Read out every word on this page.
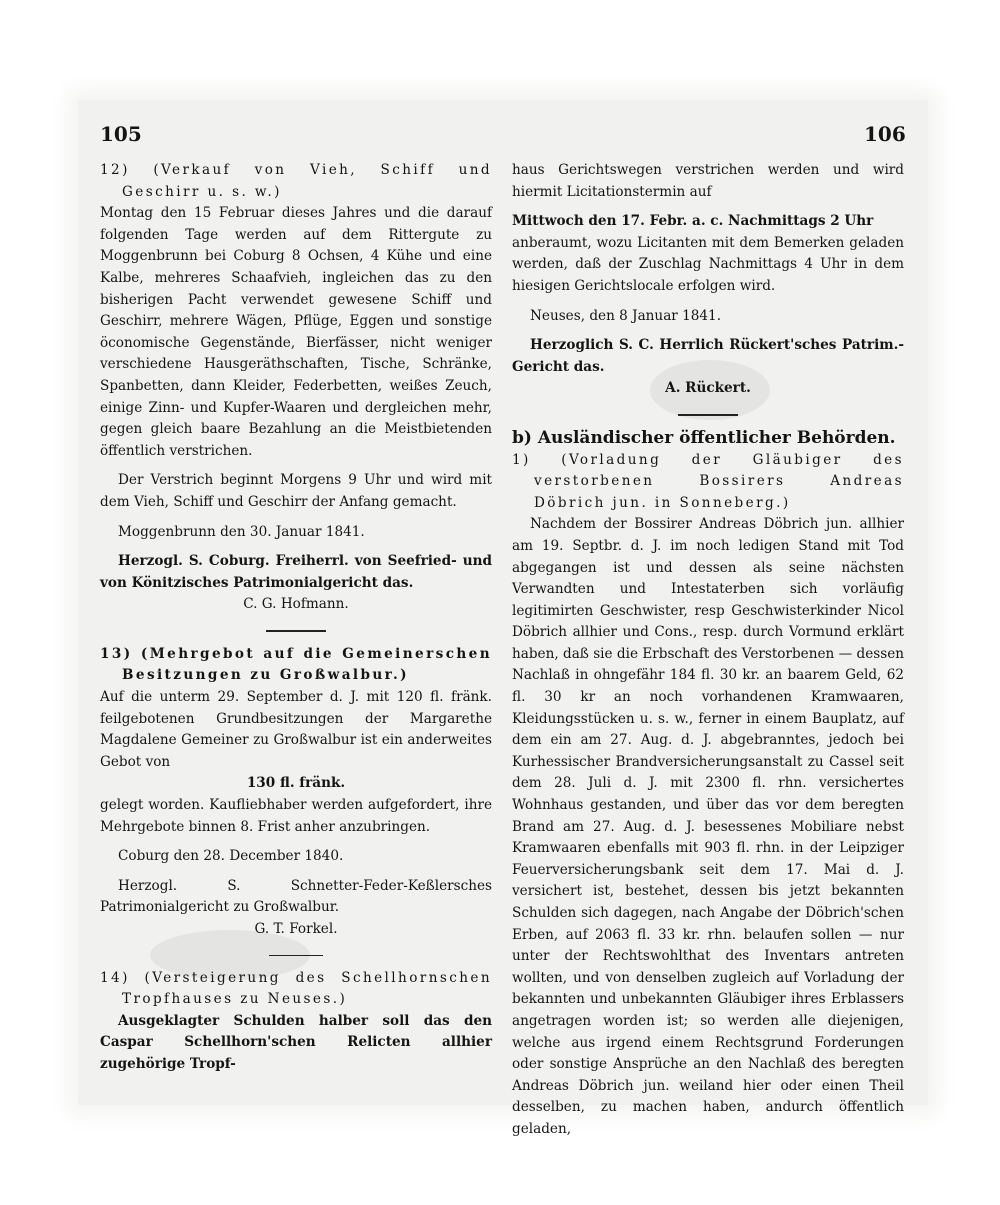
105	106

12) (Verkauf von Vieh, Schiff und Geschirr u. s. w.)

Montag den 15 Februar dieses Jahres und die darauf folgenden Tage werden auf dem Rittergute zu Moggenbrunn bei Coburg 8 Ochsen, 4 Kühe und eine Kalbe, mehreres Schaafvieh, ingleichen das zu den bisherigen Pacht verwendet gewesene Schiff und Geschirr, mehrere Wägen, Pflüge, Eggen und sonstige öconomische Gegenstände, Bierfässer, nicht weniger verschiedene Hausgeräthschaften, Tische, Schränke, Spanbetten, dann Kleider, Federbetten, weißes Zeuch, einige Zinn- und Kupfer-Waaren und dergleichen mehr, gegen gleich baare Bezahlung an die Meistbietenden öffentlich verstrichen.

Der Verstrich beginnt Morgens 9 Uhr und wird mit dem Vieh, Schiff und Geschirr der Anfang gemacht.

Moggenbrunn den 30. Januar 1841.

Herzogl. S. Coburg. Freiherrl. von Seefried- und von Könitzisches Patrimonialgericht das.

C. G. Hofmann.

13) (Mehrgebot auf die Gemeinerschen Besitzungen zu Großwalbur.)

Auf die unterm 29. September d. J. mit 120 fl. fränk. feilgebotenen Grundbesitzungen der Margarethe Magdalene Gemeiner zu Großwalbur ist ein anderweites Gebot von

130 fl. fränk.

gelegt worden. Kaufliebhaber werden aufgefordert, ihre Mehrgebote binnen 8. Frist anher anzubringen.

Coburg den 28. December 1840.

Herzogl. S. Schnetter-Feder-Keßlersches Patrimonialgericht zu Großwalbur.

G. T. Forkel.

14) (Versteigerung des Schellhornschen Tropfhauses zu Neuses.)

Ausgeklagter Schulden halber soll das den Caspar Schellhorn'schen Relicten allhier zugehörige Tropf-

haus Gerichtswegen verstrichen werden und wird hiermit Licitationstermin auf

Mittwoch den 17. Febr. a. c. Nachmittags 2 Uhr

anberaumt, wozu Licitanten mit dem Bemerken geladen werden, daß der Zuschlag Nachmittags 4 Uhr in dem hiesigen Gerichtslocale erfolgen wird.

Neuses, den 8 Januar 1841.

Herzoglich S. C. Herrlich Rückert'sches Patrim.-Gericht das.

A. Rückert.

b) Ausländischer öffentlicher Behörden.

1) (Vorladung der Gläubiger des verstorbenen Bossirers Andreas Döbrich jun. in Sonneberg.)

Nachdem der Bossirer Andreas Döbrich jun. allhier am 19. Septbr. d. J. im noch ledigen Stand mit Tod abgegangen ist und dessen als seine nächsten Verwandten und Intestaterben sich vorläufig legitimirten Geschwister, resp Geschwisterkinder Nicol Döbrich allhier und Cons., resp. durch Vormund erklärt haben, daß sie die Erbschaft des Verstorbenen — dessen Nachlaß in ohngefähr 184 fl. 30 kr. an baarem Geld, 62 fl. 30 kr an noch vorhandenen Kramwaaren, Kleidungsstücken u. s. w., ferner in einem Bauplatz, auf dem ein am 27. Aug. d. J. abgebranntes, jedoch bei Kurhessischer Brandversicherungsanstalt zu Cassel seit dem 28. Juli d. J. mit 2300 fl. rhn. versichertes Wohnhaus gestanden, und über das vor dem beregten Brand am 27. Aug. d. J. besessenes Mobiliare nebst Kramwaaren ebenfalls mit 903 fl. rhn. in der Leipziger Feuerversicherungsbank seit dem 17. Mai d. J. versichert ist, bestehet, dessen bis jetzt bekannten Schulden sich dagegen, nach Angabe der Döbrich'schen Erben, auf 2063 fl. 33 kr. rhn. belaufen sollen — nur unter der Rechtswohlthat des Inventars antreten wollten, und von denselben zugleich auf Vorladung der bekannten und unbekannten Gläubiger ihres Erblassers angetragen worden ist; so werden alle diejenigen, welche aus irgend einem Rechtsgrund Forderungen oder sonstige Ansprüche an den Nachlaß des beregten Andreas Döbrich jun. weiland hier oder einen Theil desselben, zu machen haben, andurch öffentlich geladen,
